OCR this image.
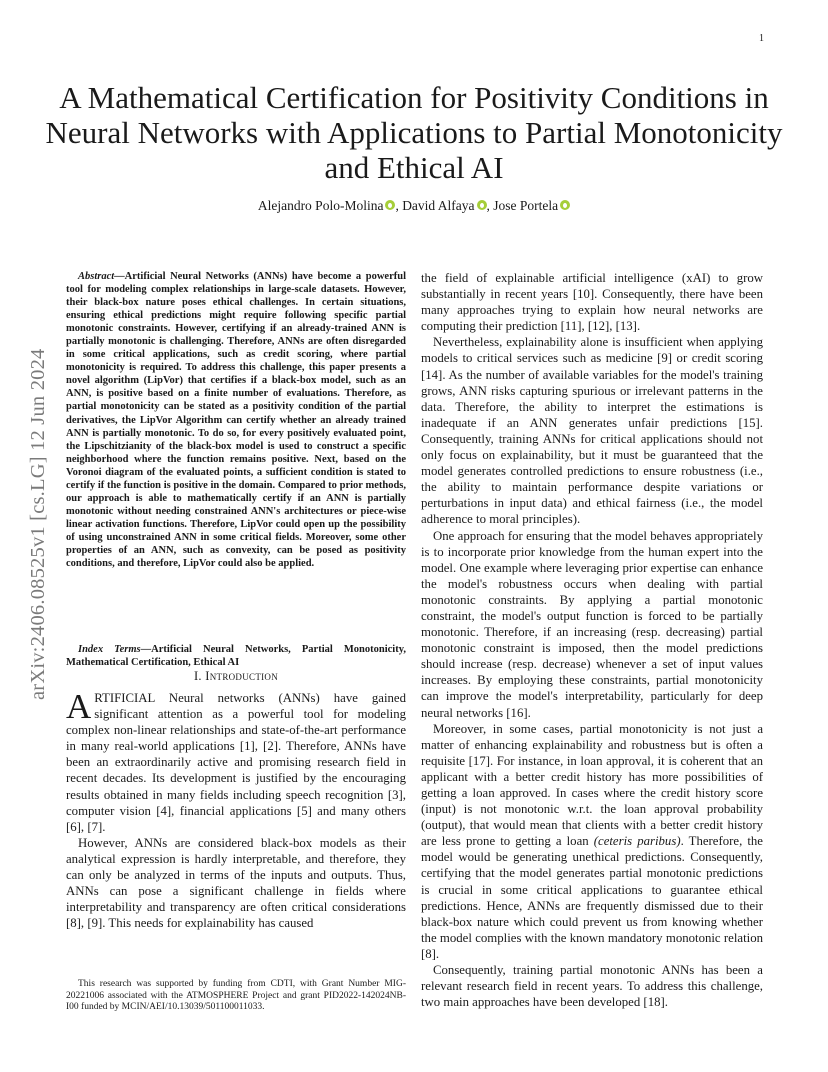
1
arXiv:2406.08525v1 [cs.LG] 12 Jun 2024
A Mathematical Certification for Positivity Conditions in Neural Networks with Applications to Partial Monotonicity and Ethical AI
Alejandro Polo-Molina , David Alfaya , Jose Portela

Abstract—Artificial Neural Networks (ANNs) have become a powerful tool for modeling complex relationships in large-scale datasets. However, their black-box nature poses ethical challenges. In certain situations, ensuring ethical predictions might require following specific partial monotonic constraints. However, certifying if an already-trained ANN is partially monotonic is challenging. Therefore, ANNs are often disregarded in some critical applications, such as credit scoring, where partial monotonicity is required. To address this challenge, this paper presents a novel algorithm (LipVor) that certifies if a black-box model, such as an ANN, is positive based on a finite number of evaluations. Therefore, as partial monotonicity can be stated as a positivity condition of the partial derivatives, the LipVor Algorithm can certify whether an already trained ANN is partially monotonic. To do so, for every positively evaluated point, the Lipschitzianity of the black-box model is used to construct a specific neighborhood where the function remains positive. Next, based on the Voronoi diagram of the evaluated points, a sufficient condition is stated to certify if the function is positive in the domain. Compared to prior methods, our approach is able to mathematically certify if an ANN is partially monotonic without needing constrained ANN's architectures or piece-wise linear activation functions. Therefore, LipVor could open up the possibility of using unconstrained ANN in some critical fields. Moreover, some other properties of an ANN, such as convexity, can be posed as positivity conditions, and therefore, LipVor could also be applied.

Index Terms—Artificial Neural Networks, Partial Monotonicity, Mathematical Certification, Ethical AI

I. Introduction

ARTIFICIAL Neural networks (ANNs) have gained significant attention as a powerful tool for modeling complex non-linear relationships and state-of-the-art performance in many real-world applications [1], [2]. Therefore, ANNs have been an extraordinarily active and promising research field in recent decades. Its development is justified by the encouraging results obtained in many fields including speech recognition [3], computer vision [4], financial applications [5] and many others [6], [7].

However, ANNs are considered black-box models as their analytical expression is hardly interpretable, and therefore, they can only be analyzed in terms of the inputs and outputs. Thus, ANNs can pose a significant challenge in fields where interpretability and transparency are often critical considerations [8], [9]. This needs for explainability has caused

This research was supported by funding from CDTI, with Grant Number MIG-20221006 associated with the ATMOSPHERE Project and grant PID2022-142024NB-I00 funded by MCIN/AEI/10.13039/501100011033.

the field of explainable artificial intelligence (xAI) to grow substantially in recent years [10]. Consequently, there have been many approaches trying to explain how neural networks are computing their prediction [11], [12], [13].

Nevertheless, explainability alone is insufficient when applying models to critical services such as medicine [9] or credit scoring [14]. As the number of available variables for the model's training grows, ANN risks capturing spurious or irrelevant patterns in the data. Therefore, the ability to interpret the estimations is inadequate if an ANN generates unfair predictions [15]. Consequently, training ANNs for critical applications should not only focus on explainability, but it must be guaranteed that the model generates controlled predictions to ensure robustness (i.e., the ability to maintain performance despite variations or perturbations in input data) and ethical fairness (i.e., the model adherence to moral principles).

One approach for ensuring that the model behaves appropriately is to incorporate prior knowledge from the human expert into the model. One example where leveraging prior expertise can enhance the model's robustness occurs when dealing with partial monotonic constraints. By applying a partial monotonic constraint, the model's output function is forced to be partially monotonic. Therefore, if an increasing (resp. decreasing) partial monotonic constraint is imposed, then the model predictions should increase (resp. decrease) whenever a set of input values increases. By employing these constraints, partial monotonicity can improve the model's interpretability, particularly for deep neural networks [16].

Moreover, in some cases, partial monotonicity is not just a matter of enhancing explainability and robustness but is often a requisite [17]. For instance, in loan approval, it is coherent that an applicant with a better credit history has more possibilities of getting a loan approved. In cases where the credit history score (input) is not monotonic w.r.t. the loan approval probability (output), that would mean that clients with a better credit history are less prone to getting a loan (ceteris paribus). Therefore, the model would be generating unethical predictions. Consequently, certifying that the model generates partial monotonic predictions is crucial in some critical applications to guarantee ethical predictions. Hence, ANNs are frequently dismissed due to their black-box nature which could prevent us from knowing whether the model complies with the known mandatory monotonic relation [8].

Consequently, training partial monotonic ANNs has been a relevant research field in recent years. To address this challenge, two main approaches have been developed [18].
